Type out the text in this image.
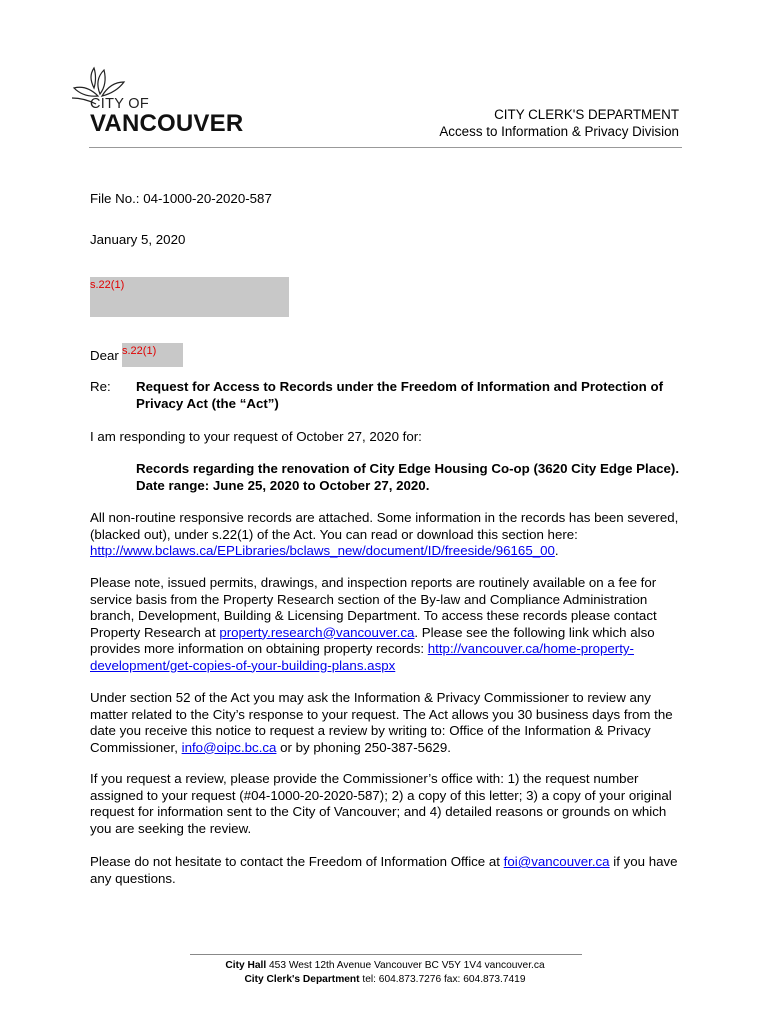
CITY OF
VANCOUVER	CITY CLERK'S DEPARTMENT
Access to Information & Privacy Division
File No.: 04-1000-20-2020-587
January 5, 2020
s.22(1)
Dear s.22(1)
Re: Request for Access to Records under the Freedom of Information and Protection of Privacy Act (the “Act”)
I am responding to your request of October 27, 2020 for:
Records regarding the renovation of City Edge Housing Co-op (3620 City Edge Place). Date range: June 25, 2020 to October 27, 2020.
All non-routine responsive records are attached. Some information in the records has been severed, (blacked out), under s.22(1) of the Act. You can read or download this section here: http://www.bclaws.ca/EPLibraries/bclaws_new/document/ID/freeside/96165_00.
Please note, issued permits, drawings, and inspection reports are routinely available on a fee for service basis from the Property Research section of the By-law and Compliance Administration branch, Development, Building & Licensing Department. To access these records please contact Property Research at property.research@vancouver.ca. Please see the following link which also provides more information on obtaining property records: http://vancouver.ca/home-property-development/get-copies-of-your-building-plans.aspx
Under section 52 of the Act you may ask the Information & Privacy Commissioner to review any matter related to the City’s response to your request. The Act allows you 30 business days from the date you receive this notice to request a review by writing to: Office of the Information & Privacy Commissioner, info@oipc.bc.ca or by phoning 250-387-5629.
If you request a review, please provide the Commissioner’s office with: 1) the request number assigned to your request (#04-1000-20-2020-587); 2) a copy of this letter; 3) a copy of your original request for information sent to the City of Vancouver; and 4) detailed reasons or grounds on which you are seeking the review.
Please do not hesitate to contact the Freedom of Information Office at foi@vancouver.ca if you have any questions.
City Hall 453 West 12th Avenue Vancouver BC V5Y 1V4 vancouver.ca
City Clerk's Department tel: 604.873.7276 fax: 604.873.7419
